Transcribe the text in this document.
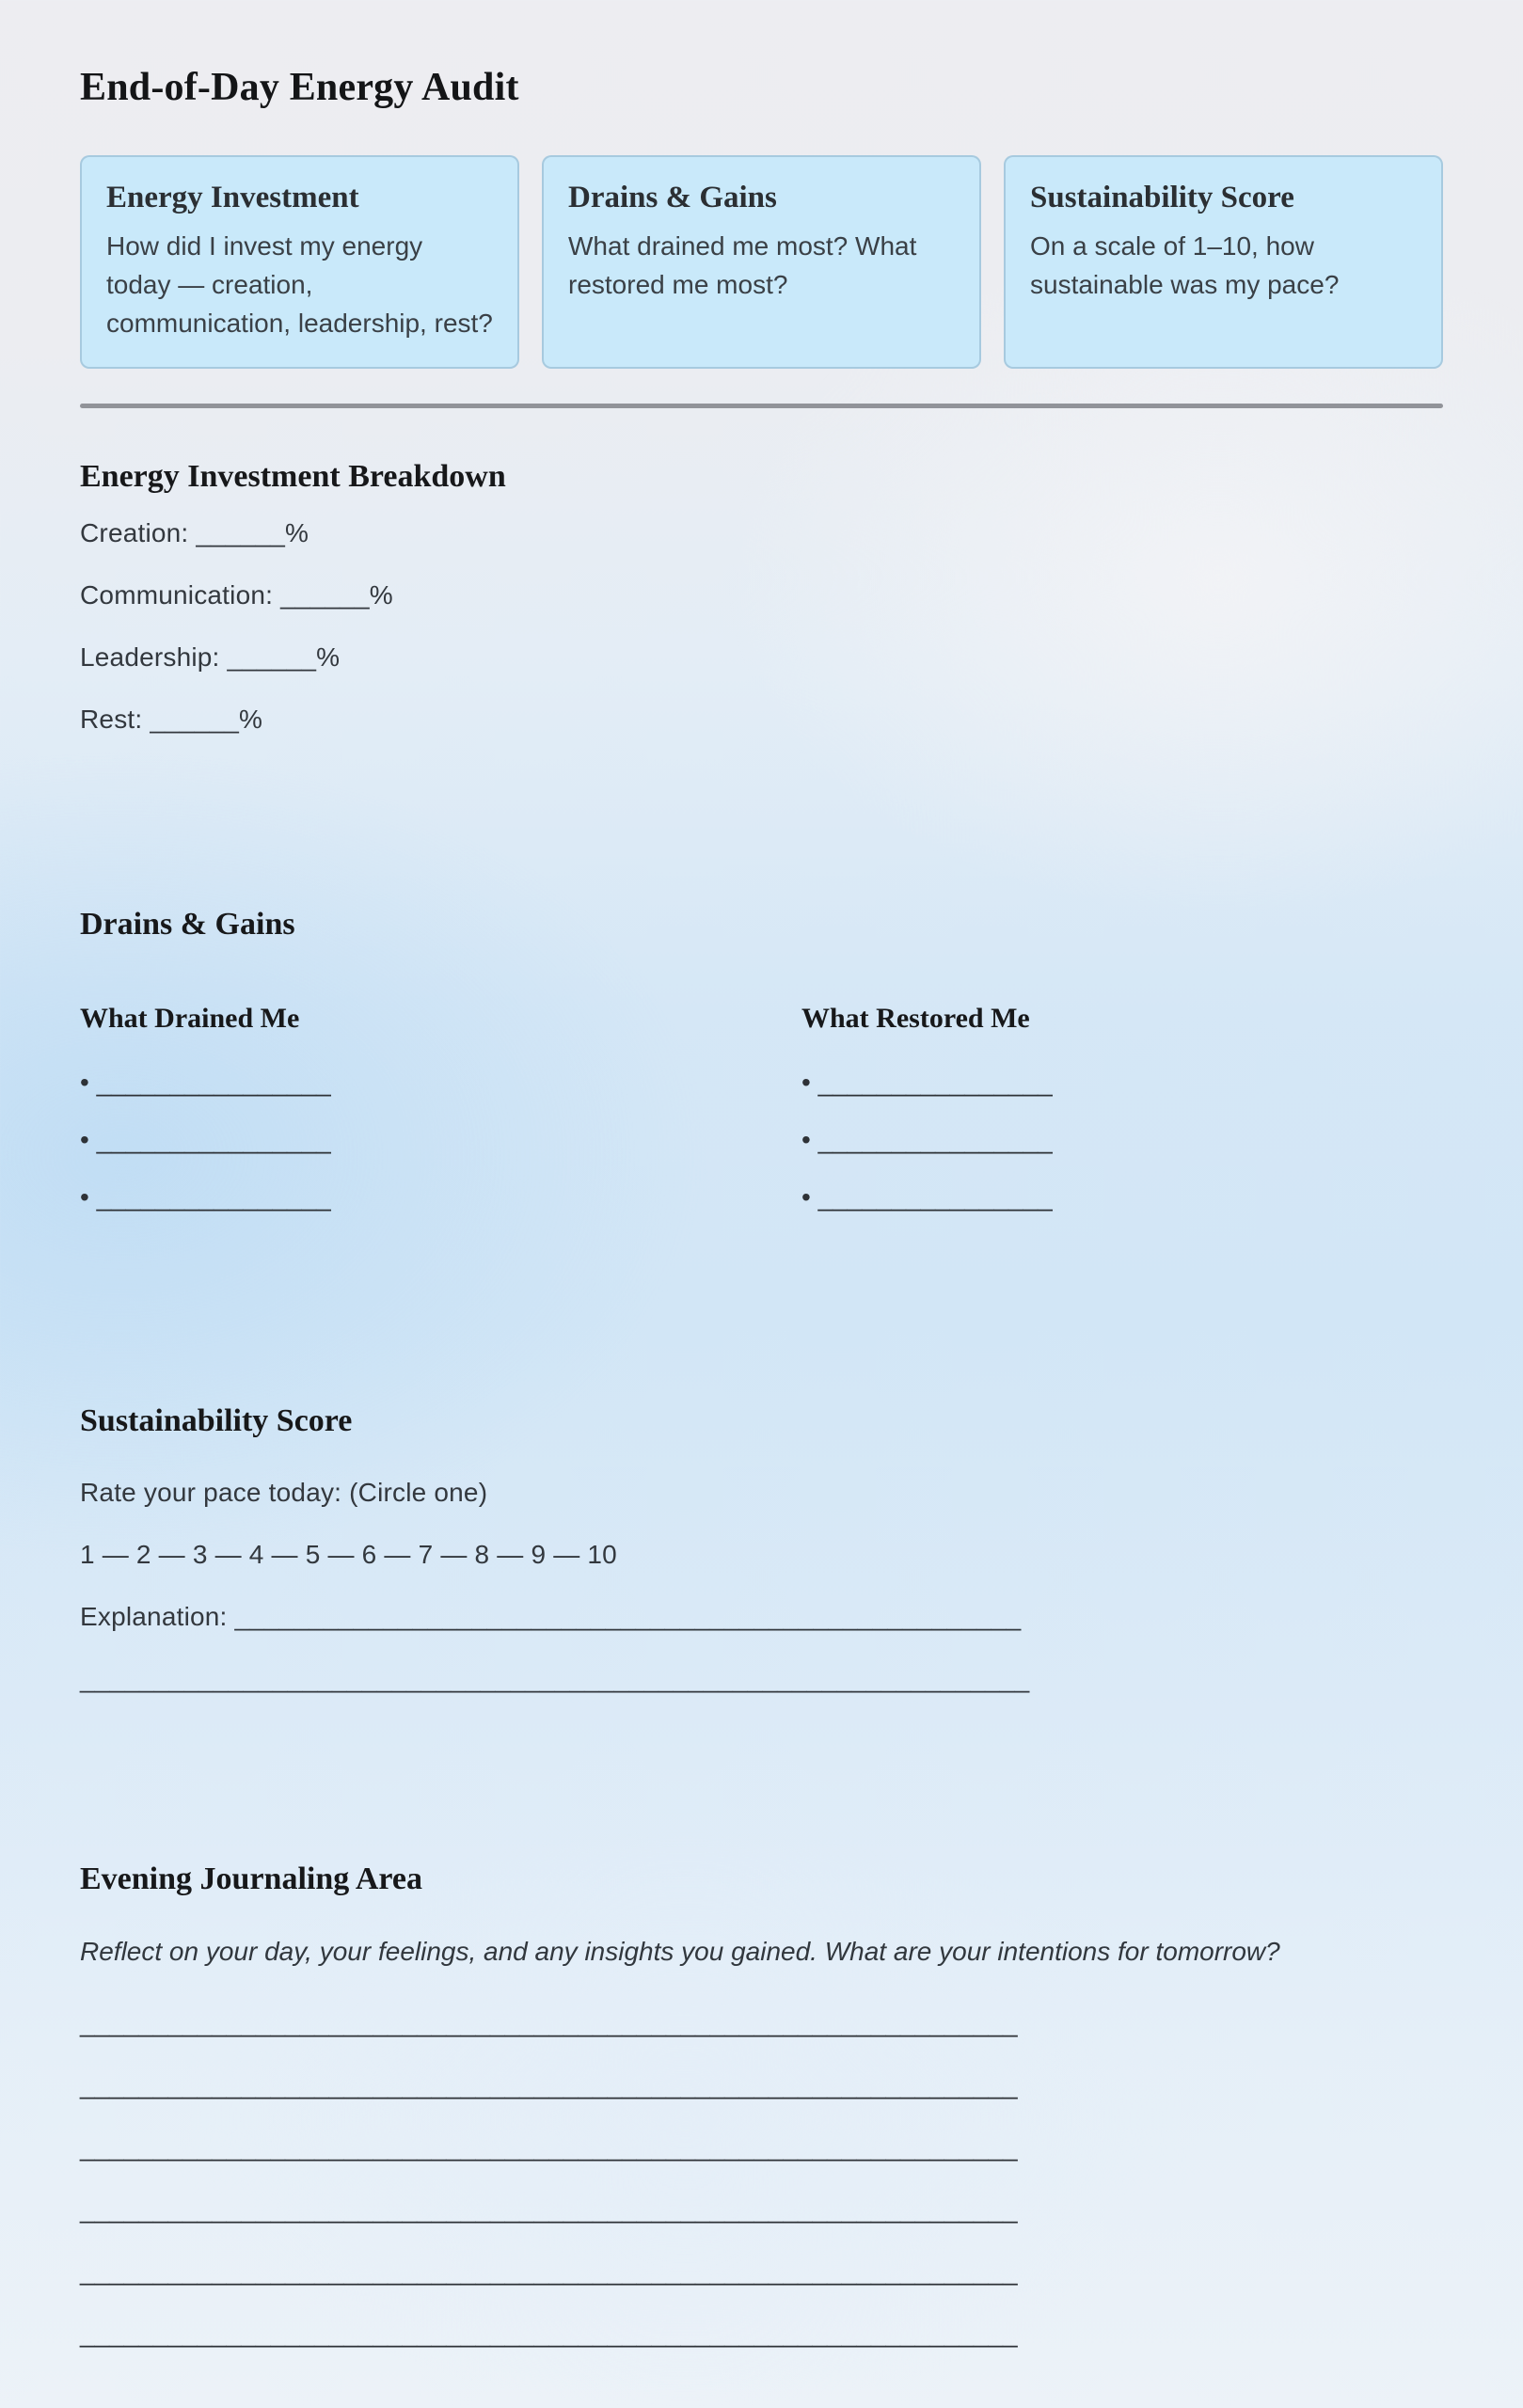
End-of-Day Energy Audit
Energy Investment
How did I invest my energy today — creation, communication, leadership, rest?
Drains & Gains
What drained me most? What restored me most?
Sustainability Score
On a scale of 1–10, how sustainable was my pace?
Energy Investment Breakdown

Creation: ______%

Communication: ______%

Leadership: ______%

Rest: ______%

Drains & Gains
What Drained Me
• ________________
• ________________
• ________________
What Restored Me
• ________________
• ________________
• ________________
Sustainability Score

Rate your pace today: (Circle one)

1 — 2 — 3 — 4 — 5 — 6 — 7 — 8 — 9 — 10

Explanation: _____________________________________________________

________________________________________________________________

Evening Journaling Area

Reflect on your day, your feelings, and any insights you gained. What are your intentions for tomorrow?

________________________________________________________________

________________________________________________________________

________________________________________________________________

________________________________________________________________

________________________________________________________________

________________________________________________________________
